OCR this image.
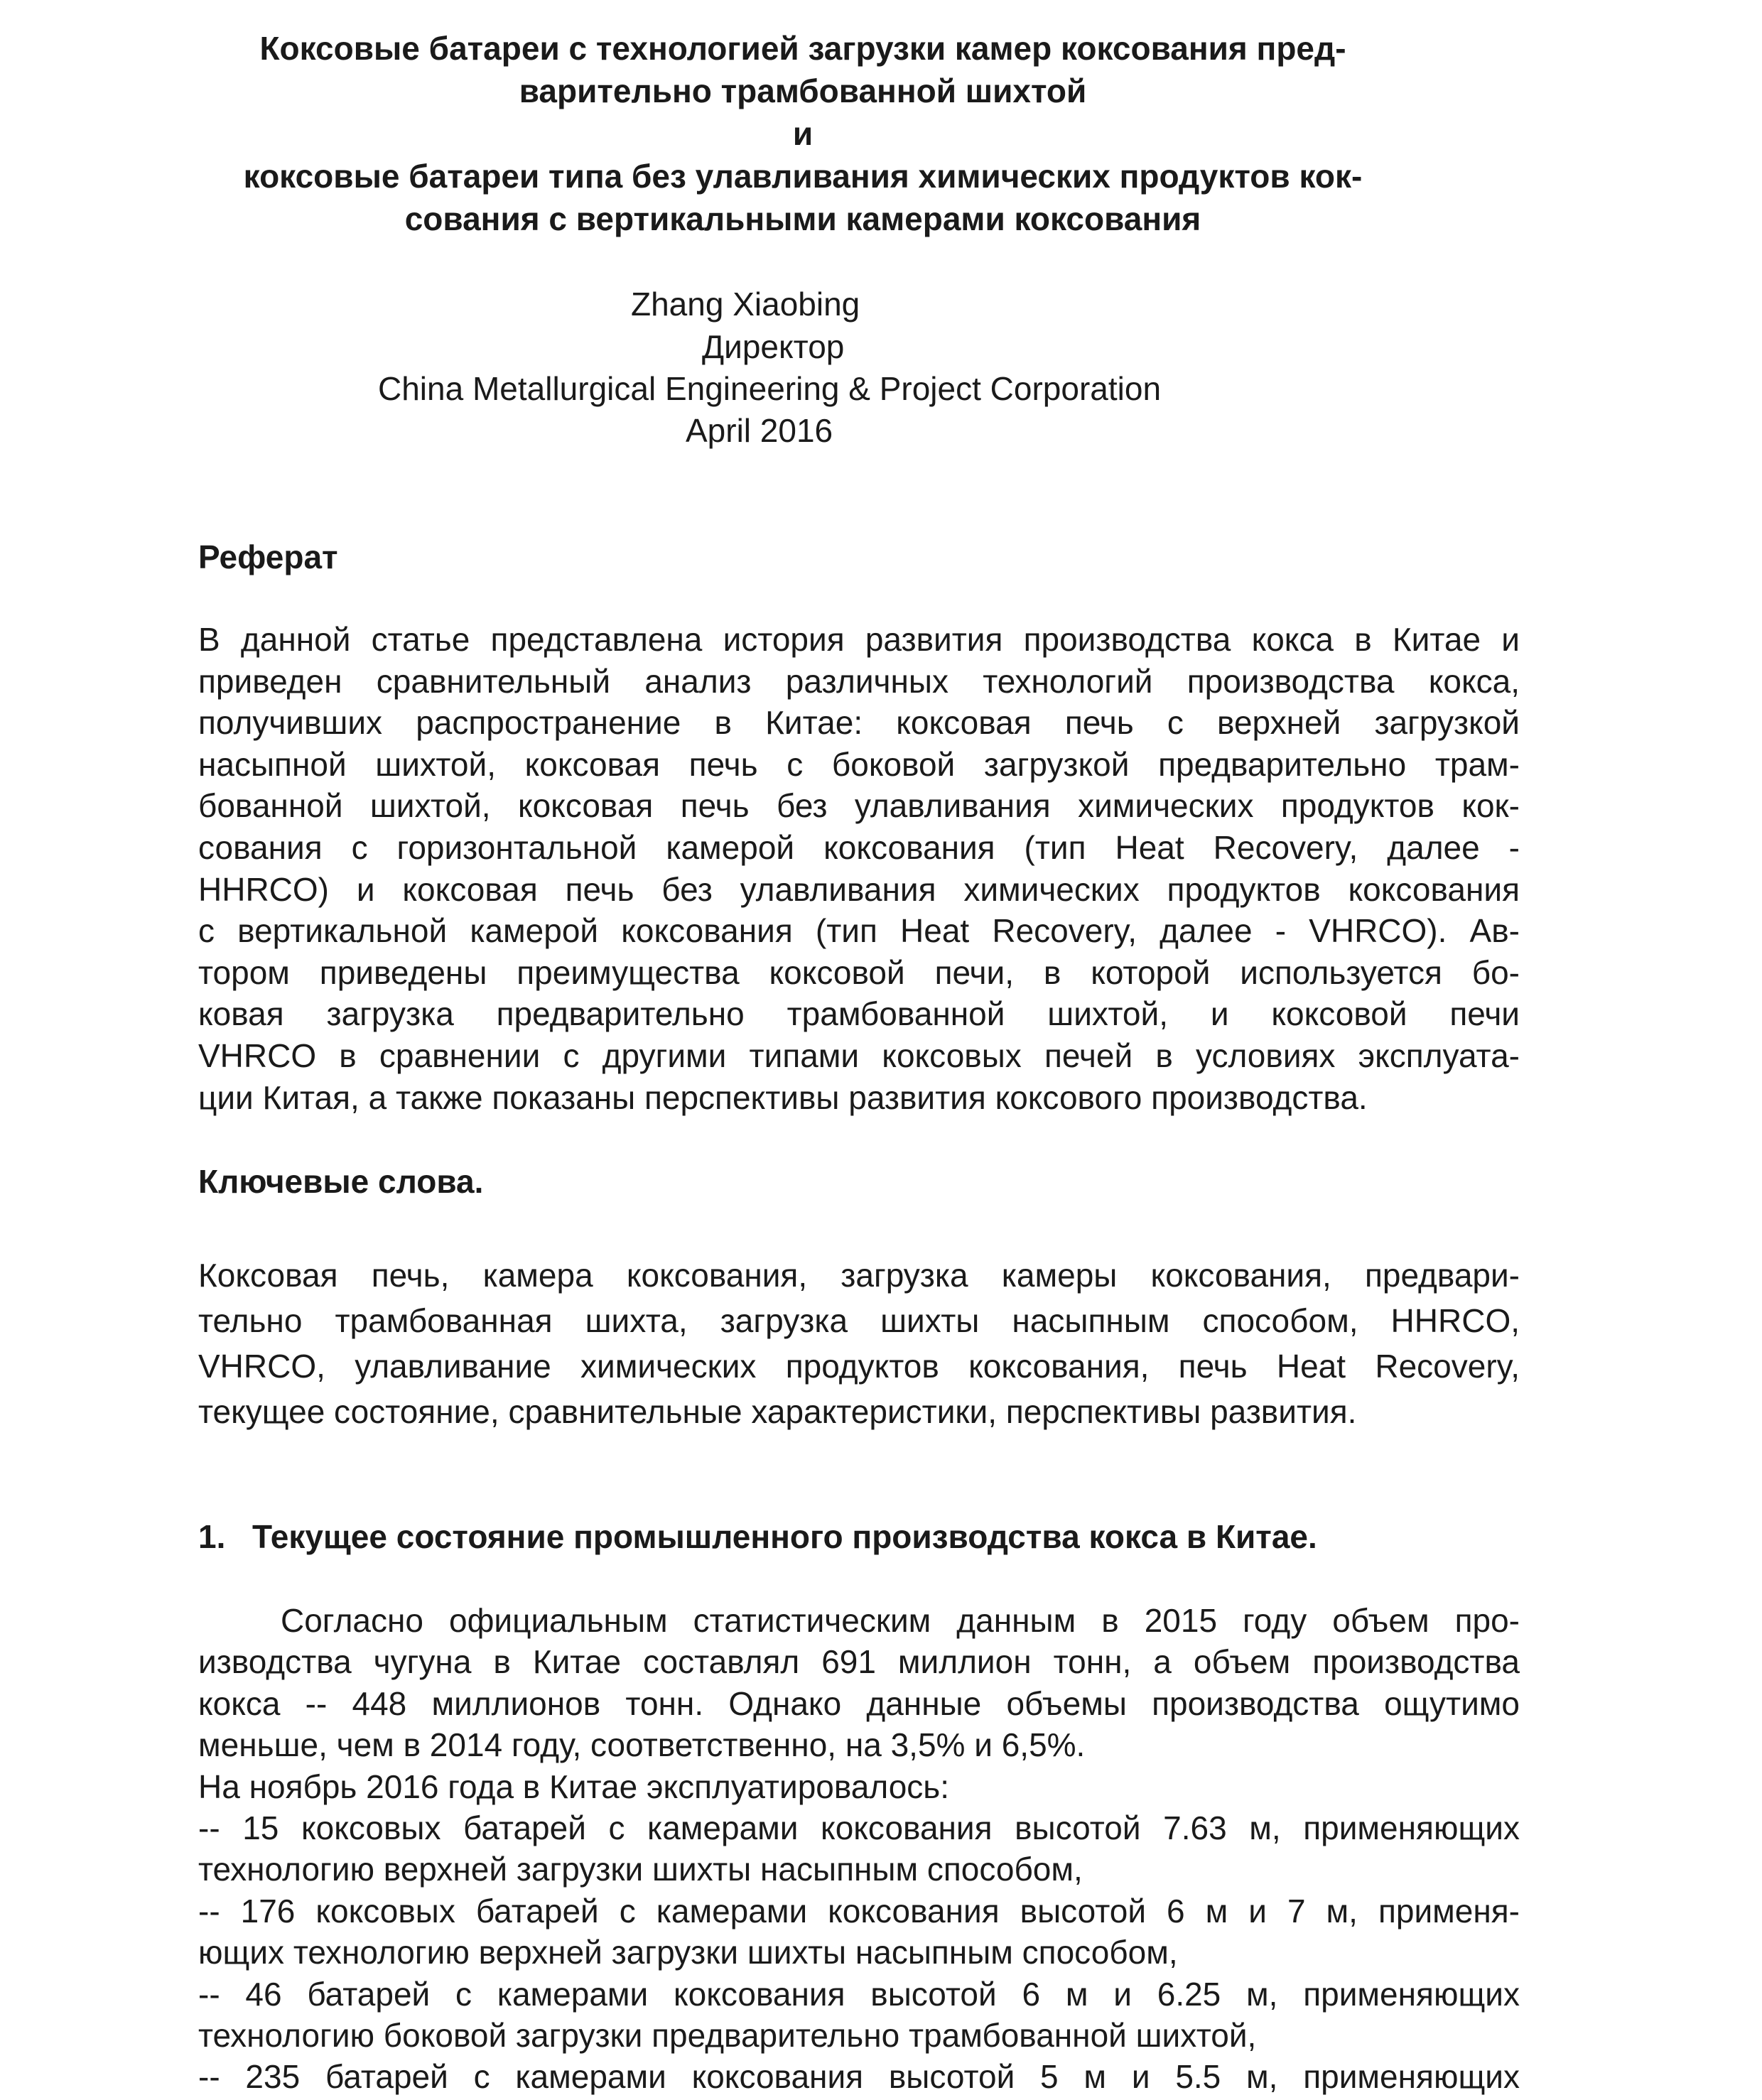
Коксовые батареи с технологией загрузки камер коксования пред-
варительно трамбованной шихтой
и
коксовые батареи типа без улавливания химических продуктов кок-
сования с вертикальными камерами коксования
Zhang Xiaobing
Директор
China Metallurgical Engineering & Project Corporation
April 2016
Реферат
В данной статье представлена история развития производства кокса в Китае и
приведен сравнительный анализ различных технологий производства кокса,
получивших распространение в Китае: коксовая печь с верхней загрузкой
насыпной шихтой, коксовая печь с боковой загрузкой предварительно трам-
бованной шихтой, коксовая печь без улавливания химических продуктов кок-
сования с горизонтальной камерой коксования (тип Heat Recovery, далее -
HHRCO) и коксовая печь без улавливания химических продуктов коксования
с вертикальной камерой коксования (тип Heat Recovery, далее - VHRCO). Ав-
тором приведены преимущества коксовой печи, в которой используется бо-
ковая загрузка предварительно трамбованной шихтой, и коксовой печи
VHRCO в сравнении с другими типами коксовых печей в условиях эксплуата-
ции Китая, а также показаны перспективы развития коксового производства.
Ключевые слова.
Коксовая печь, камера коксования, загрузка камеры коксования, предвари-
тельно трамбованная шихта, загрузка шихты насыпным способом, HHRCO,
VHRCO, улавливание химических продуктов коксования, печь Heat Recovery,
текущее состояние, сравнительные характеристики, перспективы развития.
1. Текущее состояние промышленного производства кокса в Китае.
Согласно официальным статистическим данным в 2015 году объем про-
изводства чугуна в Китае составлял 691 миллион тонн, а объем производства
кокса -- 448 миллионов тонн. Однако данные объемы производства ощутимо
меньше, чем в 2014 году, соответственно, на 3,5% и 6,5%.
На ноябрь 2016 года в Китае эксплуатировалось:
-- 15 коксовых батарей с камерами коксования высотой 7.63 м, применяющих
технологию верхней загрузки шихты насыпным способом,
-- 176 коксовых батарей с камерами коксования высотой 6 м и 7 м, применя-
ющих технологию верхней загрузки шихты насыпным способом,
-- 46 батарей с камерами коксования высотой 6 м и 6.25 м, применяющих
технологию боковой загрузки предварительно трамбованной шихтой,
-- 235 батарей с камерами коксования высотой 5 м и 5.5 м, применяющих
